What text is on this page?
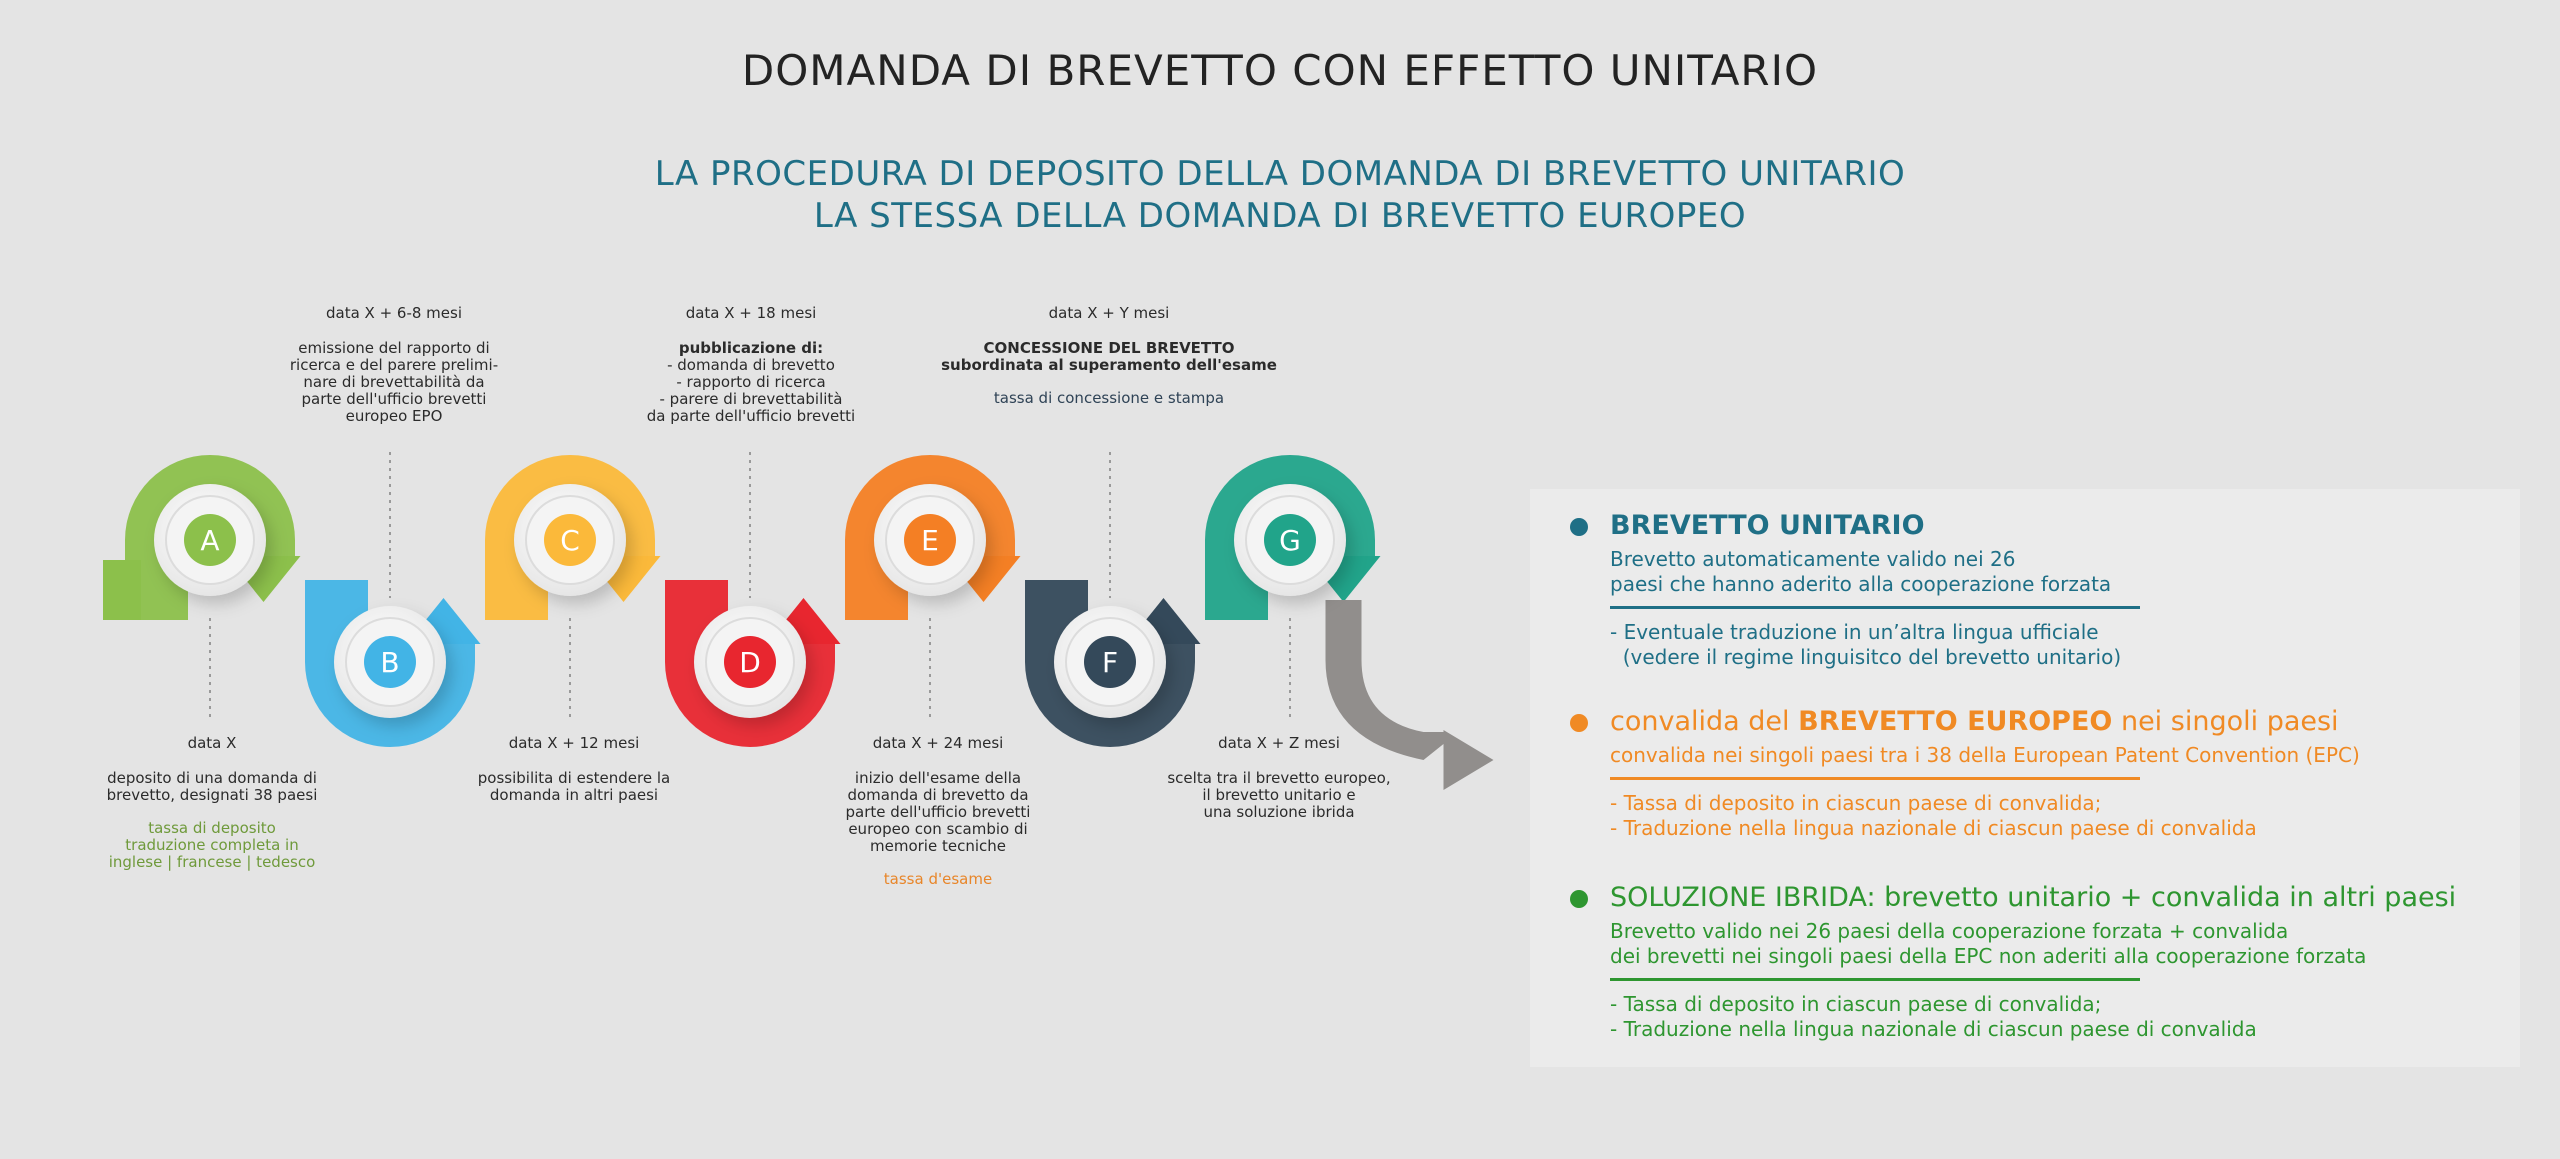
DOMANDA DI BREVETTO CON EFFETTO UNITARIO
LA PROCEDURA DI DEPOSITO DELLA DOMANDA DI BREVETTO UNITARIO
LA STESSA DELLA DOMANDA DI BREVETTO EUROPEO
A
B
C
D
E
F
G
data X
deposito di una domanda di
brevetto, designati 38 paesi
tassa di deposito
traduzione completa in
inglese | francese | tedesco
data X + 6-8 mesi
emissione del rapporto di
ricerca e del parere prelimi-
nare di brevettabilità da
parte dell'ufficio brevetti
europeo EPO
data X + 12 mesi
possibilita di estendere la
domanda in altri paesi
data X + 18 mesi
pubblicazione di:
- domanda di brevetto
- rapporto di ricerca
- parere di brevettabilità
da parte dell'ufficio brevetti
data X + 24 mesi
inizio dell'esame della
domanda di brevetto da
parte dell'ufficio brevetti
europeo con scambio di
memorie tecniche
tassa d'esame
data X + Y mesi
CONCESSIONE DEL BREVETTO
subordinata al superamento dell'esame
tassa di concessione e stampa
data X + Z mesi
scelta tra il brevetto europeo,
il brevetto unitario e
una soluzione ibrida
BREVETTO UNITARIO
Brevetto automaticamente valido nei 26
paesi che hanno aderito alla cooperazione forzata
- Eventuale traduzione in un’altra lingua ufficiale
(vedere il regime linguisitco del brevetto unitario)
convalida del BREVETTO EUROPEO nei singoli paesi
convalida nei singoli paesi tra i 38 della European Patent Convention (EPC)
- Tassa di deposito in ciascun paese di convalida;
- Traduzione nella lingua nazionale di ciascun paese di convalida
SOLUZIONE IBRIDA: brevetto unitario + convalida in altri paesi
Brevetto valido nei 26 paesi della cooperazione forzata + convalida
dei brevetti nei singoli paesi della EPC non aderiti alla cooperazione forzata
- Tassa di deposito in ciascun paese di convalida;
- Traduzione nella lingua nazionale di ciascun paese di convalida
